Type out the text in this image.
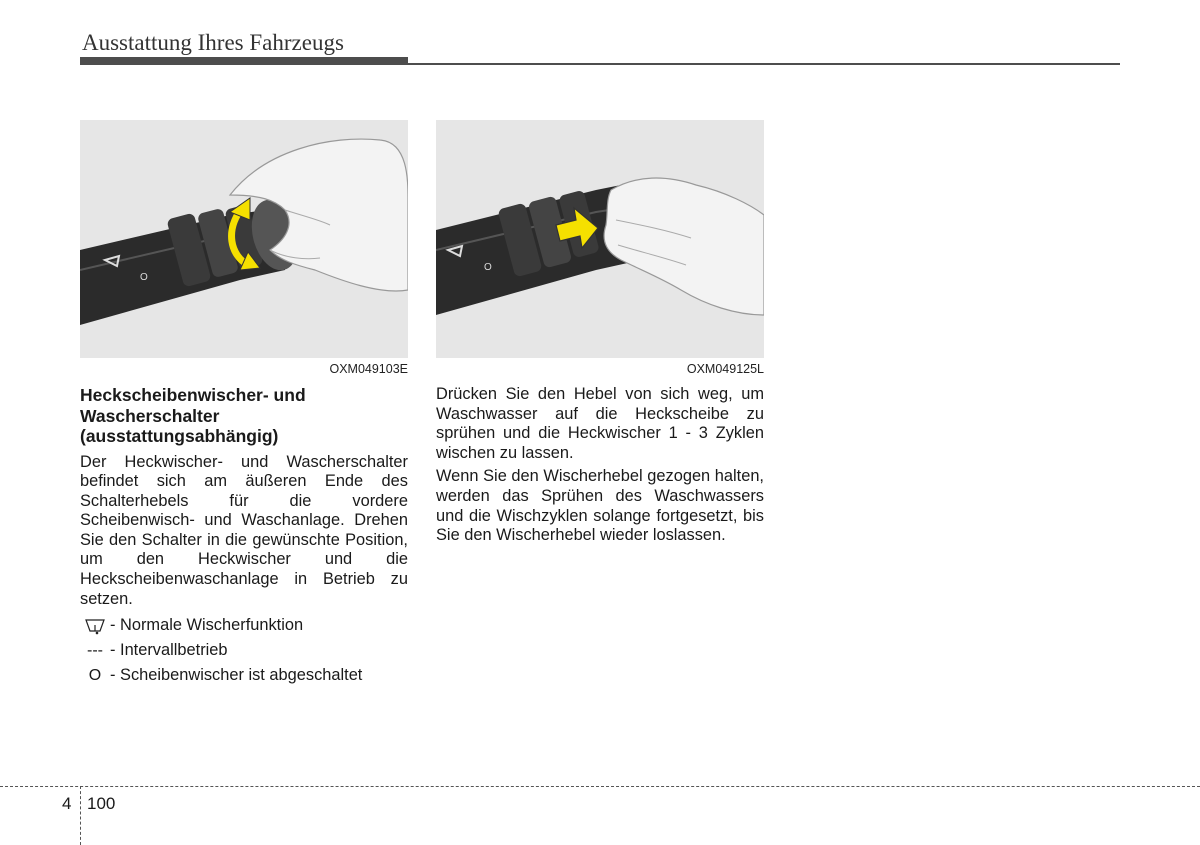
Ausstattung Ihres Fahrzeugs
O
OXM049103E
O
OXM049125L
Heckscheibenwischer- und
Wascherschalter
(ausstattungsabhängig)

Der Heckwischer- und Wascherschalter befindet sich am äußeren Ende des Schalterhebels für die vordere Scheibenwisch- und Waschanlage. Drehen Sie den Schalter in die gewünschte Position, um den Heckwischer und die Heckscheibenwaschanlage in Betrieb zu setzen.

- Normale Wischerfunktion
--- - Intervallbetrieb
O - Scheibenwischer ist abgeschaltet

Drücken Sie den Hebel von sich weg, um Waschwasser auf die Heckscheibe zu sprühen und die Heckwischer 1 - 3 Zyklen wischen zu lassen.

Wenn Sie den Wischerhebel gezogen halten, werden das Sprühen des Waschwassers und die Wischzyklen solange fortgesetzt, bis Sie den Wischerhebel wieder loslassen.

4 100
